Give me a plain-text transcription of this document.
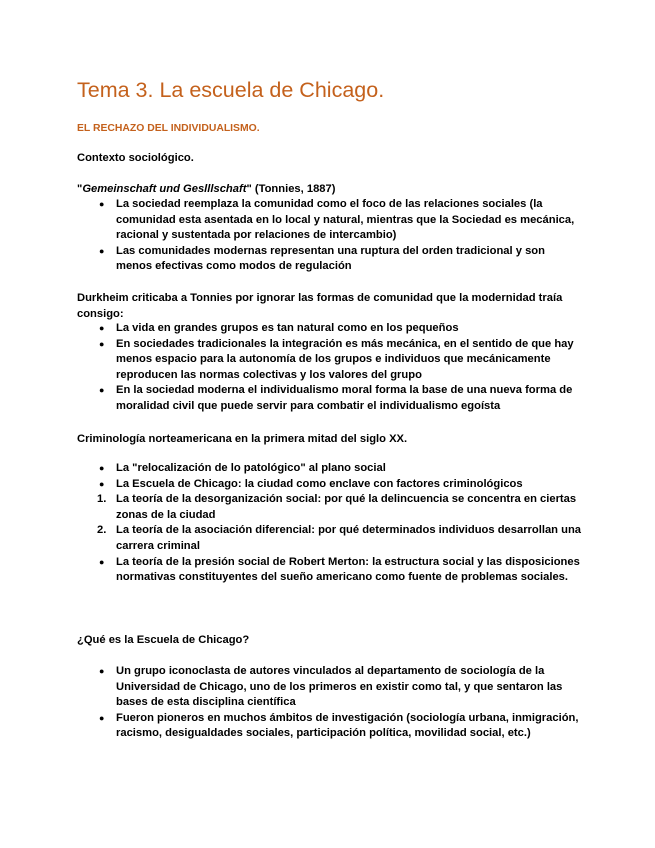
Tema 3. La escuela de Chicago.
EL RECHAZO DEL INDIVIDUALISMO.

Contexto sociológico.

"Gemeinschaft und Geslllschaft" (Tonnies, 1887)

●	La sociedad reemplaza la comunidad como el foco de las relaciones sociales (la comunidad esta asentada en lo local y natural, mientras que la Sociedad es mecánica, racional y sustentada por relaciones de intercambio)
●	Las comunidades modernas representan una ruptura del orden tradicional y son menos efectivas como modos de regulación

Durkheim criticaba a Tonnies por ignorar las formas de comunidad que la modernidad traía consigo:

●	La vida en grandes grupos es tan natural como en los pequeños
●	En sociedades tradicionales la integración es más mecánica, en el sentido de que hay menos espacio para la autonomía de los grupos e individuos que mecánicamente reproducen las normas colectivas y los valores del grupo
●	En la sociedad moderna el individualismo moral forma la base de una nueva forma de moralidad civil que puede servir para combatir el individualismo egoísta

Criminología norteamericana en la primera mitad del siglo XX.

●	La "relocalización de lo patológico" al plano social
●	La Escuela de Chicago: la ciudad como enclave con factores criminológicos
1. La teoría de la desorganización social: por qué la delincuencia se concentra en ciertas zonas de la ciudad
2. La teoría de la asociación diferencial: por qué determinados individuos desarrollan una carrera criminal
●	La teoría de la presión social de Robert Merton: la estructura social y las disposiciones normativas constituyentes del sueño americano como fuente de problemas sociales.

¿Qué es la Escuela de Chicago?

●	Un grupo iconoclasta de autores vinculados al departamento de sociología de la Universidad de Chicago, uno de los primeros en existir como tal, y que sentaron las bases de esta disciplina científica
●	Fueron pioneros en muchos ámbitos de investigación (sociología urbana, inmigración, racismo, desigualdades sociales, participación política, movilidad social, etc.)
